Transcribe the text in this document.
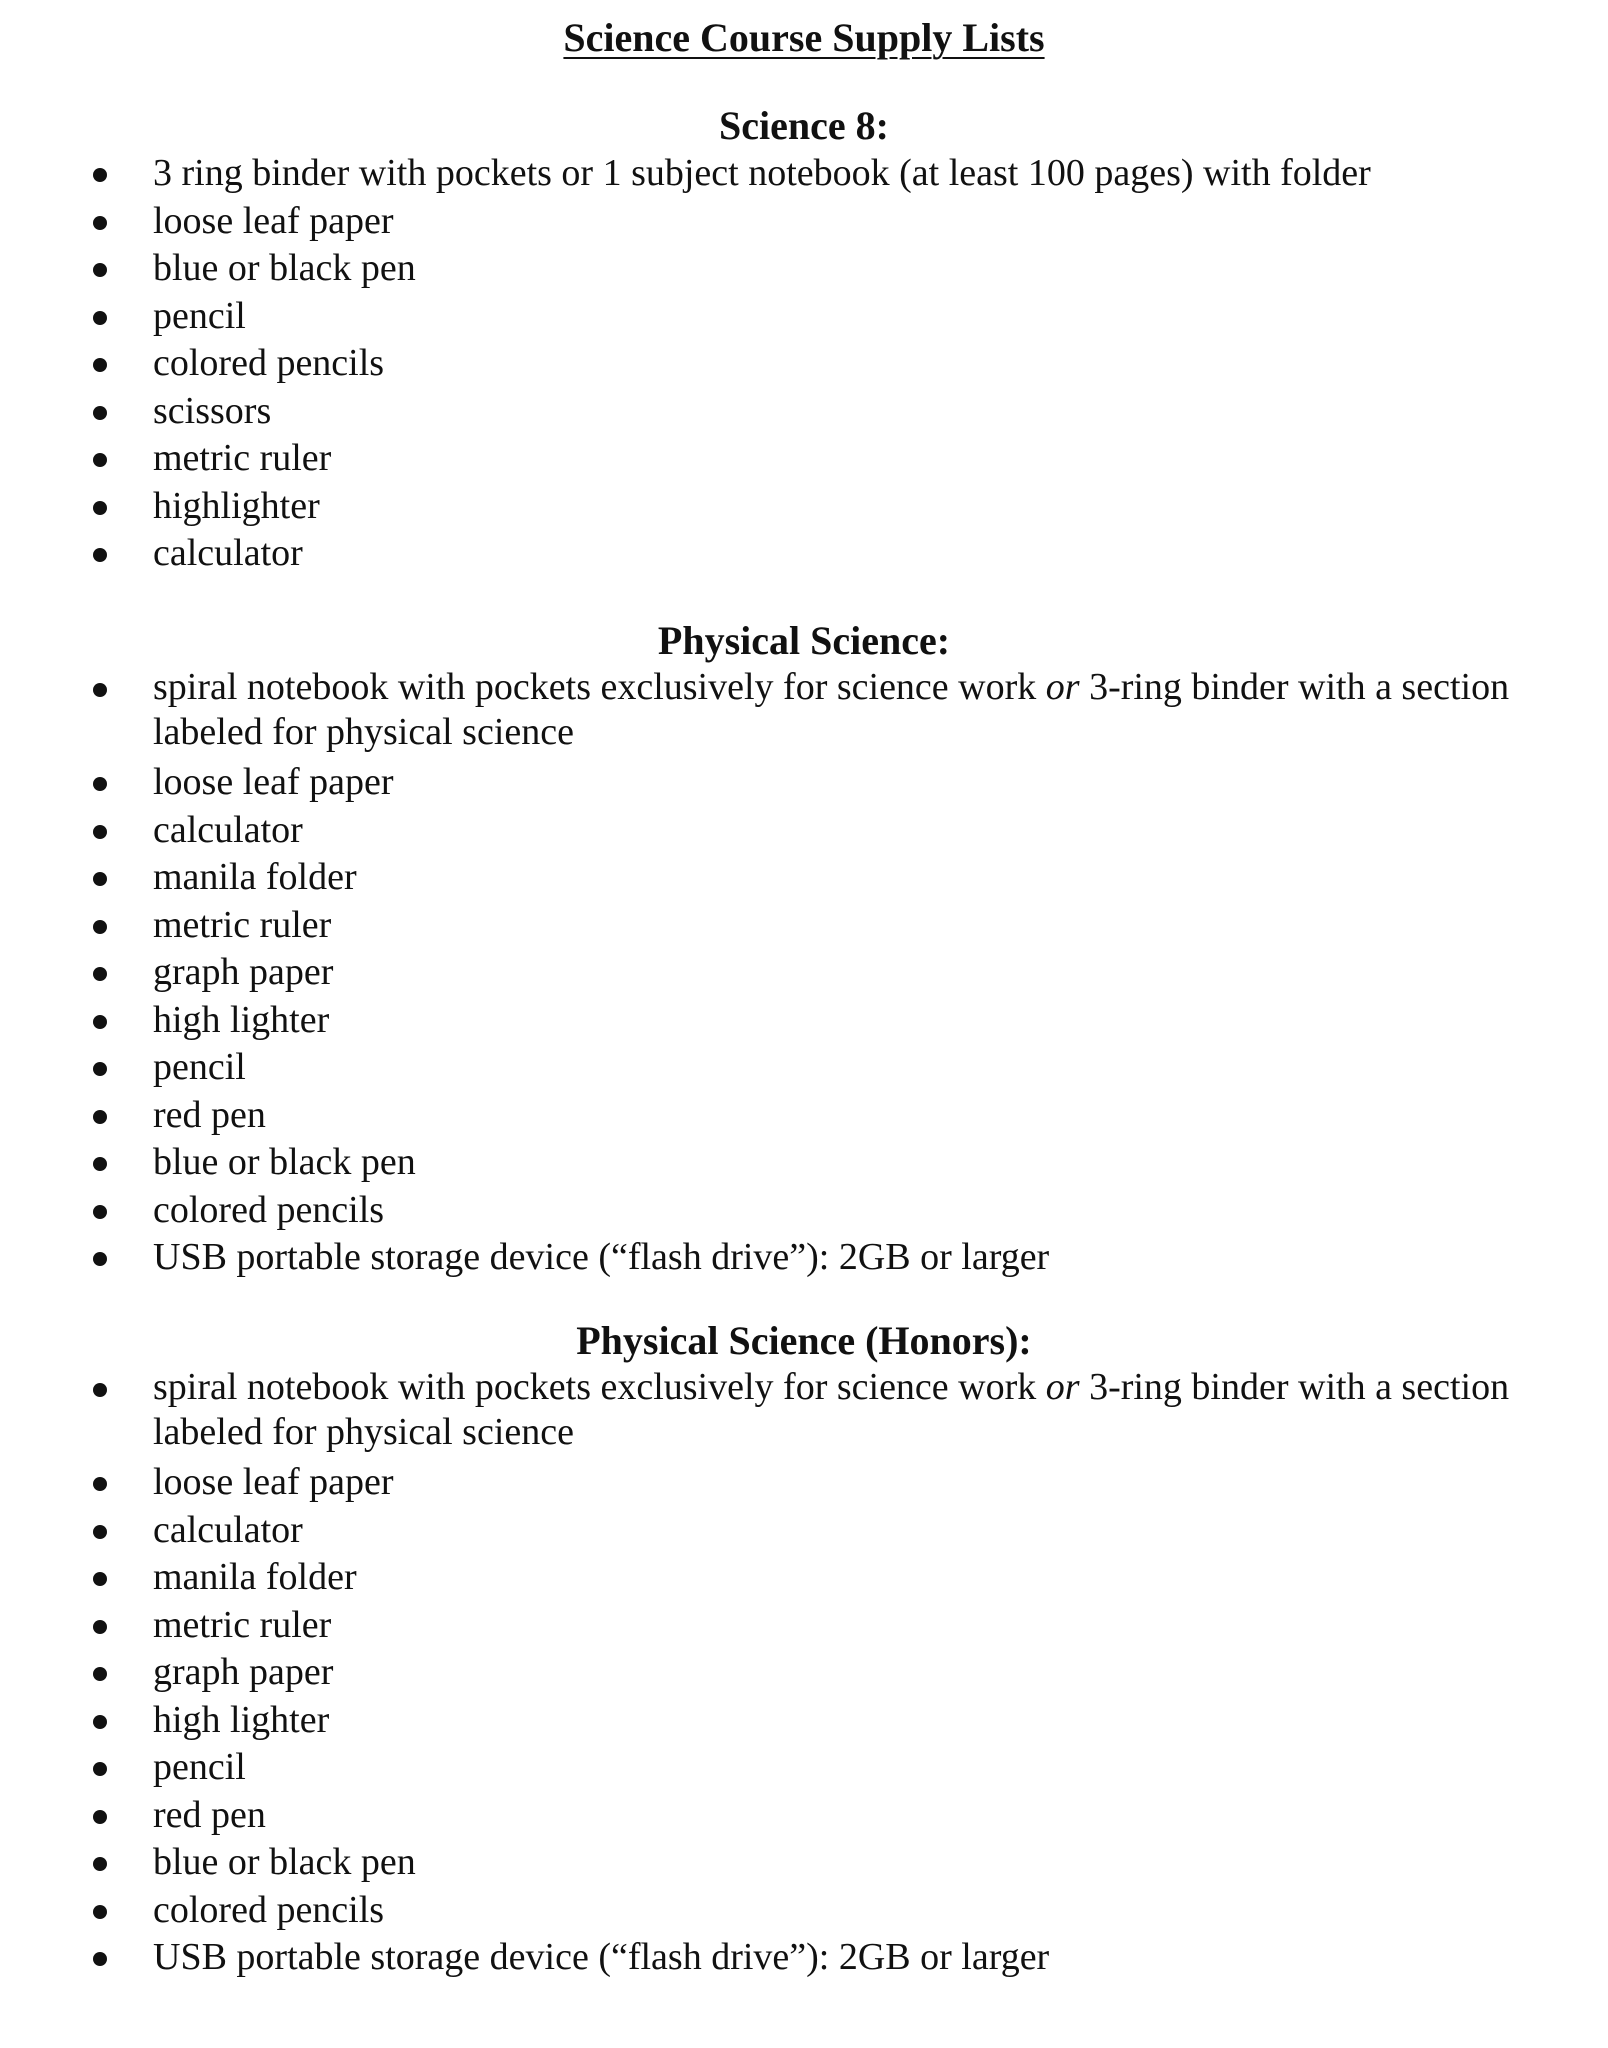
Science Course Supply Lists
Science 8:
3 ring binder with pockets or 1 subject notebook (at least 100 pages) with folder
loose leaf paper
blue or black pen
pencil
colored pencils
scissors
metric ruler
highlighter
calculator
Physical Science:
spiral notebook with pockets exclusively for science work or 3-ring binder with a section labeled for physical science
loose leaf paper
calculator
manila folder
metric ruler
graph paper
high lighter
pencil
red pen
blue or black pen
colored pencils
USB portable storage device (“flash drive”): 2GB or larger
Physical Science (Honors):
spiral notebook with pockets exclusively for science work or 3-ring binder with a section labeled for physical science
loose leaf paper
calculator
manila folder
metric ruler
graph paper
high lighter
pencil
red pen
blue or black pen
colored pencils
USB portable storage device (“flash drive”): 2GB or larger
